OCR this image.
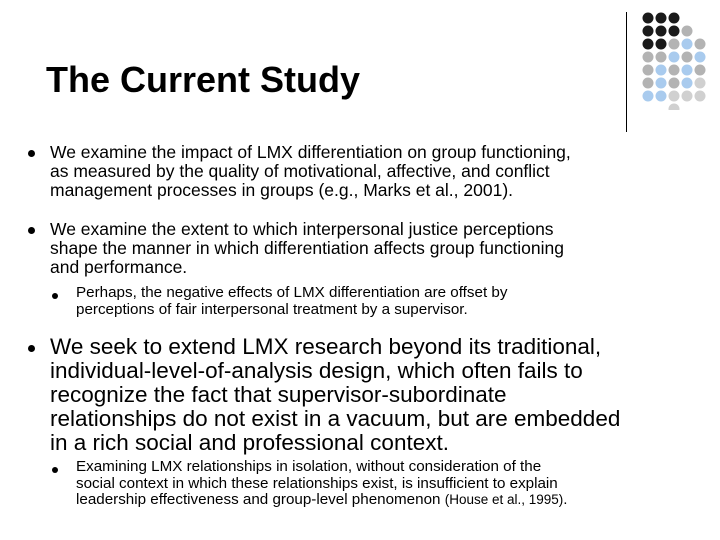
The Current Study
We examine the impact of LMX differentiation on group functioning,
as measured by the quality of motivational, affective, and conflict
management processes in groups (e.g., Marks et al., 2001).
We examine the extent to which interpersonal justice perceptions
shape the manner in which differentiation affects group functioning
and performance.
Perhaps, the negative effects of LMX differentiation are offset by
perceptions of fair interpersonal treatment by a supervisor.
We seek to extend LMX research beyond its traditional,
individual-level-of-analysis design, which often fails to
recognize the fact that supervisor-subordinate
relationships do not exist in a vacuum, but are embedded
in a rich social and professional context.
Examining LMX relationships in isolation, without consideration of the
social context in which these relationships exist, is insufficient to explain
leadership effectiveness and group-level phenomenon (House et al., 1995).
